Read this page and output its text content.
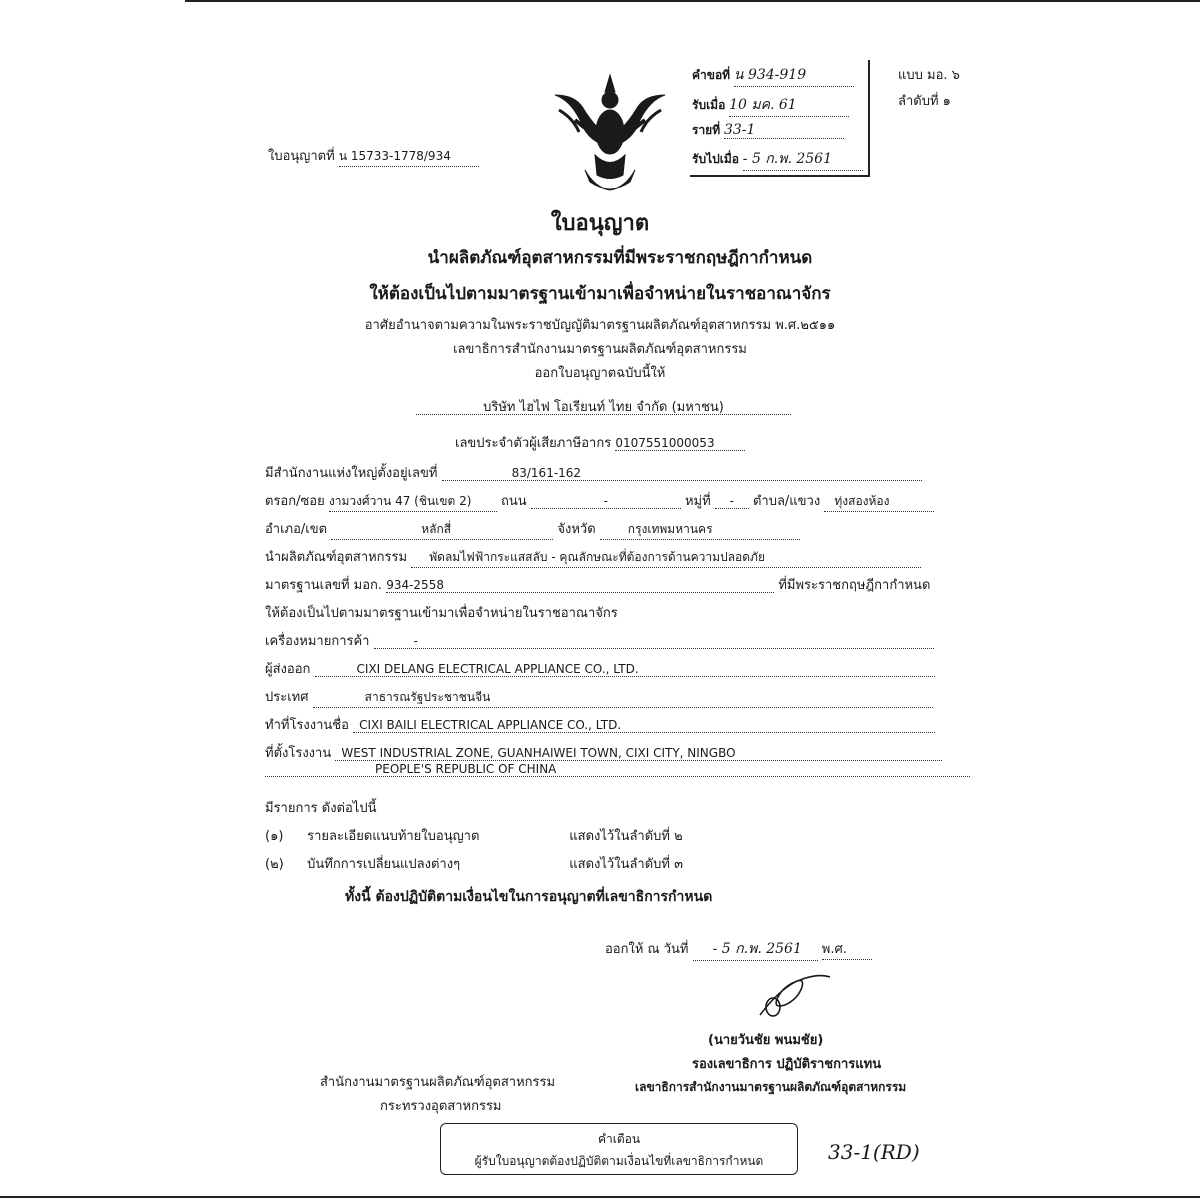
คำขอที่ น 934-919
รับเมื่อ 10 มค. 61
รายที่ 33-1
รับไปเมื่อ - 5 ก.พ. 2561
แบบ มอ. ๖
ลำดับที่ ๑
ใบอนุญาตที่ น 15733-1778/934
ใบอนุญาต
นำผลิตภัณฑ์อุตสาหกรรมที่มีพระราชกฤษฎีกากำหนด
ให้ต้องเป็นไปตามมาตรฐานเข้ามาเพื่อจำหน่ายในราชอาณาจักร
อาศัยอำนาจตามความในพระราชบัญญัติมาตรฐานผลิตภัณฑ์อุตสาหกรรม พ.ศ.๒๕๑๑
เลขาธิการสำนักงานมาตรฐานผลิตภัณฑ์อุตสาหกรรม
ออกใบอนุญาตฉบับนี้ให้
บริษัท ไฮไฟ โอเรียนท์ ไทย จำกัด (มหาชน)
เลขประจำตัวผู้เสียภาษีอากร 0107551000053
มีสำนักงานแห่งใหญ่ตั้งอยู่เลขที่	83/161-162
ตรอก/ซอย งามวงศ์วาน 47 (ชินเขต 2) ถนน	-	หมู่ที่ - ตำบล/แขวง ทุ่งสองห้อง
อำเภอ/เขต	หลักสี่	จังหวัด	กรุงเทพมหานคร
นำผลิตภัณฑ์อุตสาหกรรม พัดลมไฟฟ้ากระแสสลับ - คุณลักษณะที่ต้องการด้านความปลอดภัย
มาตรฐานเลขที่ มอก. 934-2558	ที่มีพระราชกฤษฎีกากำหนด
ให้ต้องเป็นไปตามมาตรฐานเข้ามาเพื่อจำหน่ายในราชอาณาจักร
เครื่องหมายการค้า	-
ผู้ส่งออก	CIXI DELANG ELECTRICAL APPLIANCE CO., LTD.
ประเทศ	สาธารณรัฐประชาชนจีน
ทำที่โรงงานชื่อ CIXI BAILI ELECTRICAL APPLIANCE CO., LTD.
ที่ตั้งโรงงาน WEST INDUSTRIAL ZONE, GUANHAIWEI TOWN, CIXI CITY, NINGBO
PEOPLE'S REPUBLIC OF CHINA
มีรายการ ดังต่อไปนี้
(๑) รายละเอียดแนบท้ายใบอนุญาต	แสดงไว้ในลำดับที่ ๒
(๒) บันทึกการเปลี่ยนแปลงต่างๆ	แสดงไว้ในลำดับที่ ๓
ทั้งนี้ ต้องปฏิบัติตามเงื่อนไขในการอนุญาตที่เลขาธิการกำหนด
ออกให้ ณ วันที่ - 5 ก.พ. 2561 พ.ศ.
(นายวันชัย พนมชัย)
รองเลขาธิการ ปฏิบัติราชการแทน
เลขาธิการสำนักงานมาตรฐานผลิตภัณฑ์อุตสาหกรรม
สำนักงานมาตรฐานผลิตภัณฑ์อุตสาหกรรม
กระทรวงอุตสาหกรรม
คำเตือน
ผู้รับใบอนุญาตต้องปฏิบัติตามเงื่อนไขที่เลขาธิการกำหนด	33-1(RD)
